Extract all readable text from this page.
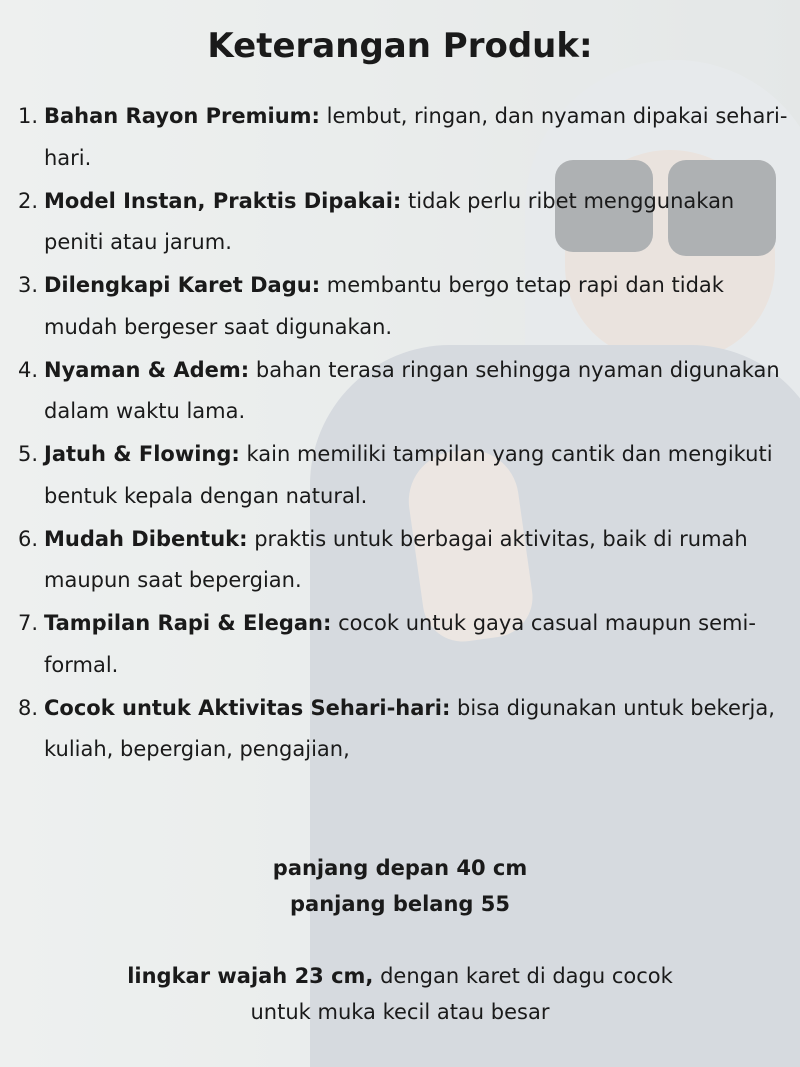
Keterangan Produk:
1. Bahan Rayon Premium: lembut, ringan, dan nyaman dipakai sehari-hari.
2. Model Instan, Praktis Dipakai: tidak perlu ribet menggunakan peniti atau jarum.
3. Dilengkapi Karet Dagu: membantu bergo tetap rapi dan tidak mudah bergeser saat digunakan.
4. Nyaman & Adem: bahan terasa ringan sehingga nyaman digunakan dalam waktu lama.
5. Jatuh & Flowing: kain memiliki tampilan yang cantik dan mengikuti bentuk kepala dengan natural.
6. Mudah Dibentuk: praktis untuk berbagai aktivitas, baik di rumah maupun saat bepergian.
7. Tampilan Rapi & Elegan: cocok untuk gaya casual maupun semi-formal.
8. Cocok untuk Aktivitas Sehari-hari: bisa digunakan untuk bekerja, kuliah, bepergian, pengajian,
panjang depan 40 cm
panjang belang 55
lingkar wajah 23 cm, dengan karet di dagu cocok
untuk muka kecil atau besar
